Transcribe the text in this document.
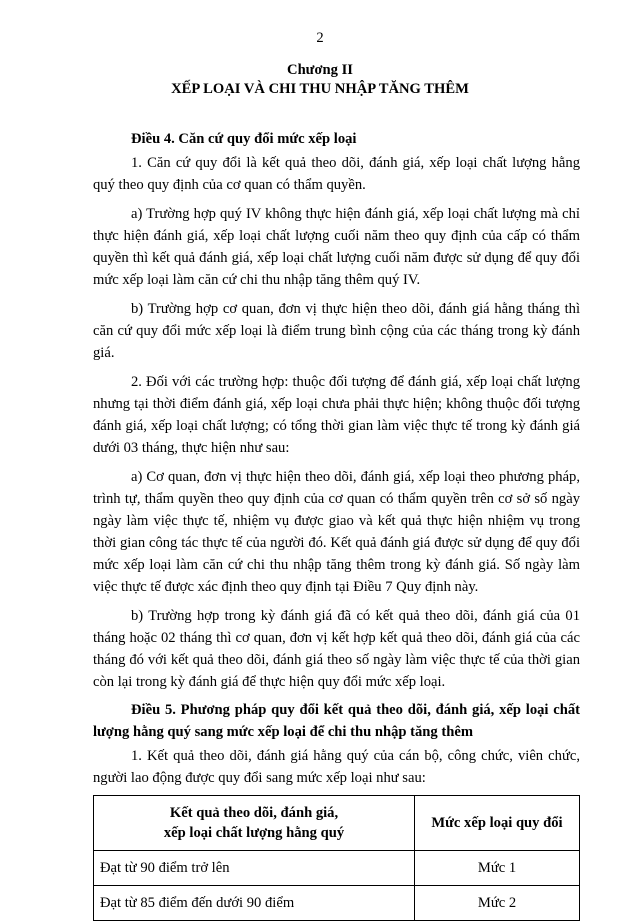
2
Chương II
XẾP LOẠI VÀ CHI THU NHẬP TĂNG THÊM

Điều 4. Căn cứ quy đổi mức xếp loại

1. Căn cứ quy đổi là kết quả theo dõi, đánh giá, xếp loại chất lượng hằng quý theo quy định của cơ quan có thẩm quyền.

a) Trường hợp quý IV không thực hiện đánh giá, xếp loại chất lượng mà chỉ thực hiện đánh giá, xếp loại chất lượng cuối năm theo quy định của cấp có thẩm quyền thì kết quả đánh giá, xếp loại chất lượng cuối năm được sử dụng để quy đổi mức xếp loại làm căn cứ chi thu nhập tăng thêm quý IV.

b) Trường hợp cơ quan, đơn vị thực hiện theo dõi, đánh giá hằng tháng thì căn cứ quy đổi mức xếp loại là điểm trung bình cộng của các tháng trong kỳ đánh giá.

2. Đối với các trường hợp: thuộc đối tượng để đánh giá, xếp loại chất lượng nhưng tại thời điểm đánh giá, xếp loại chưa phải thực hiện; không thuộc đối tượng đánh giá, xếp loại chất lượng; có tổng thời gian làm việc thực tế trong kỳ đánh giá dưới 03 tháng, thực hiện như sau:

a) Cơ quan, đơn vị thực hiện theo dõi, đánh giá, xếp loại theo phương pháp, trình tự, thẩm quyền theo quy định của cơ quan có thẩm quyền trên cơ sở số ngày ngày làm việc thực tế, nhiệm vụ được giao và kết quả thực hiện nhiệm vụ trong thời gian công tác thực tế của người đó. Kết quả đánh giá được sử dụng để quy đổi mức xếp loại làm căn cứ chi thu nhập tăng thêm trong kỳ đánh giá. Số ngày làm việc thực tế được xác định theo quy định tại Điều 7 Quy định này.

b) Trường hợp trong kỳ đánh giá đã có kết quả theo dõi, đánh giá của 01 tháng hoặc 02 tháng thì cơ quan, đơn vị kết hợp kết quả theo dõi, đánh giá của các tháng đó với kết quả theo dõi, đánh giá theo số ngày làm việc thực tế của thời gian còn lại trong kỳ đánh giá để thực hiện quy đổi mức xếp loại.

Điều 5. Phương pháp quy đổi kết quả theo dõi, đánh giá, xếp loại chất lượng hằng quý sang mức xếp loại để chi thu nhập tăng thêm

1. Kết quả theo dõi, đánh giá hằng quý của cán bộ, công chức, viên chức, người lao động được quy đổi sang mức xếp loại như sau:

Kết quả theo dõi, đánh giá,
xếp loại chất lượng hằng quý	Mức xếp loại quy đổi
Đạt từ 90 điểm trở lên	Mức 1
Đạt từ 85 điểm đến dưới 90 điểm	Mức 2
